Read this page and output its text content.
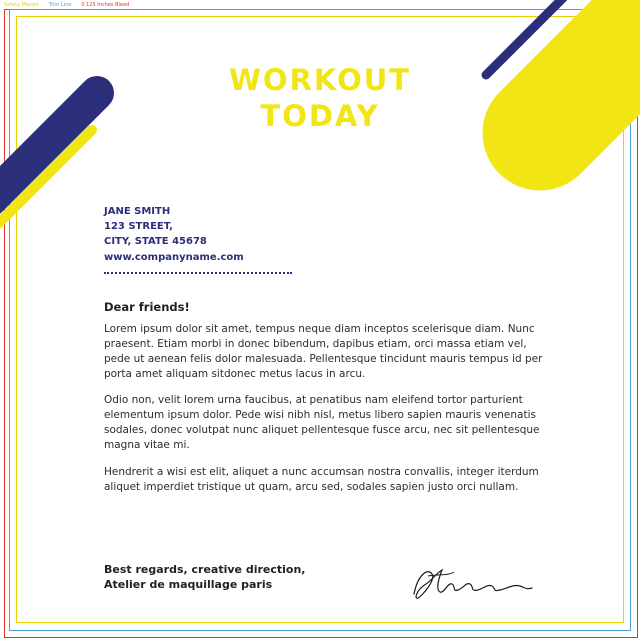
Safety Margin Trim Line 0.125 Inches Bleed
WORKOUT
TODAY
JANE SMITH
123 STREET,
CITY, STATE 45678
www.companyname.com
Dear friends!
Lorem ipsum dolor sit amet, tempus neque diam inceptos scelerisque diam. Nunc
praesent. Etiam morbi in donec bibendum, dapibus etiam, orci massa etiam vel,
pede ut aenean felis dolor malesuada. Pellentesque tincidunt mauris tempus id per
porta amet aliquam sitdonec metus lacus in arcu.
Odio non, velit lorem urna faucibus, at penatibus nam eleifend tortor parturient
elementum ipsum dolor. Pede wisi nibh nisl, metus libero sapien mauris venenatis
sodales, donec volutpat nunc aliquet pellentesque fusce arcu, nec sit pellentesque
magna vitae mi.
Hendrerit a wisi est elit, aliquet a nunc accumsan nostra convallis, integer iterdum
aliquet imperdiet tristique ut quam, arcu sed, sodales sapien justo orci nullam.
Best regards, creative direction,
Atelier de maquillage paris
